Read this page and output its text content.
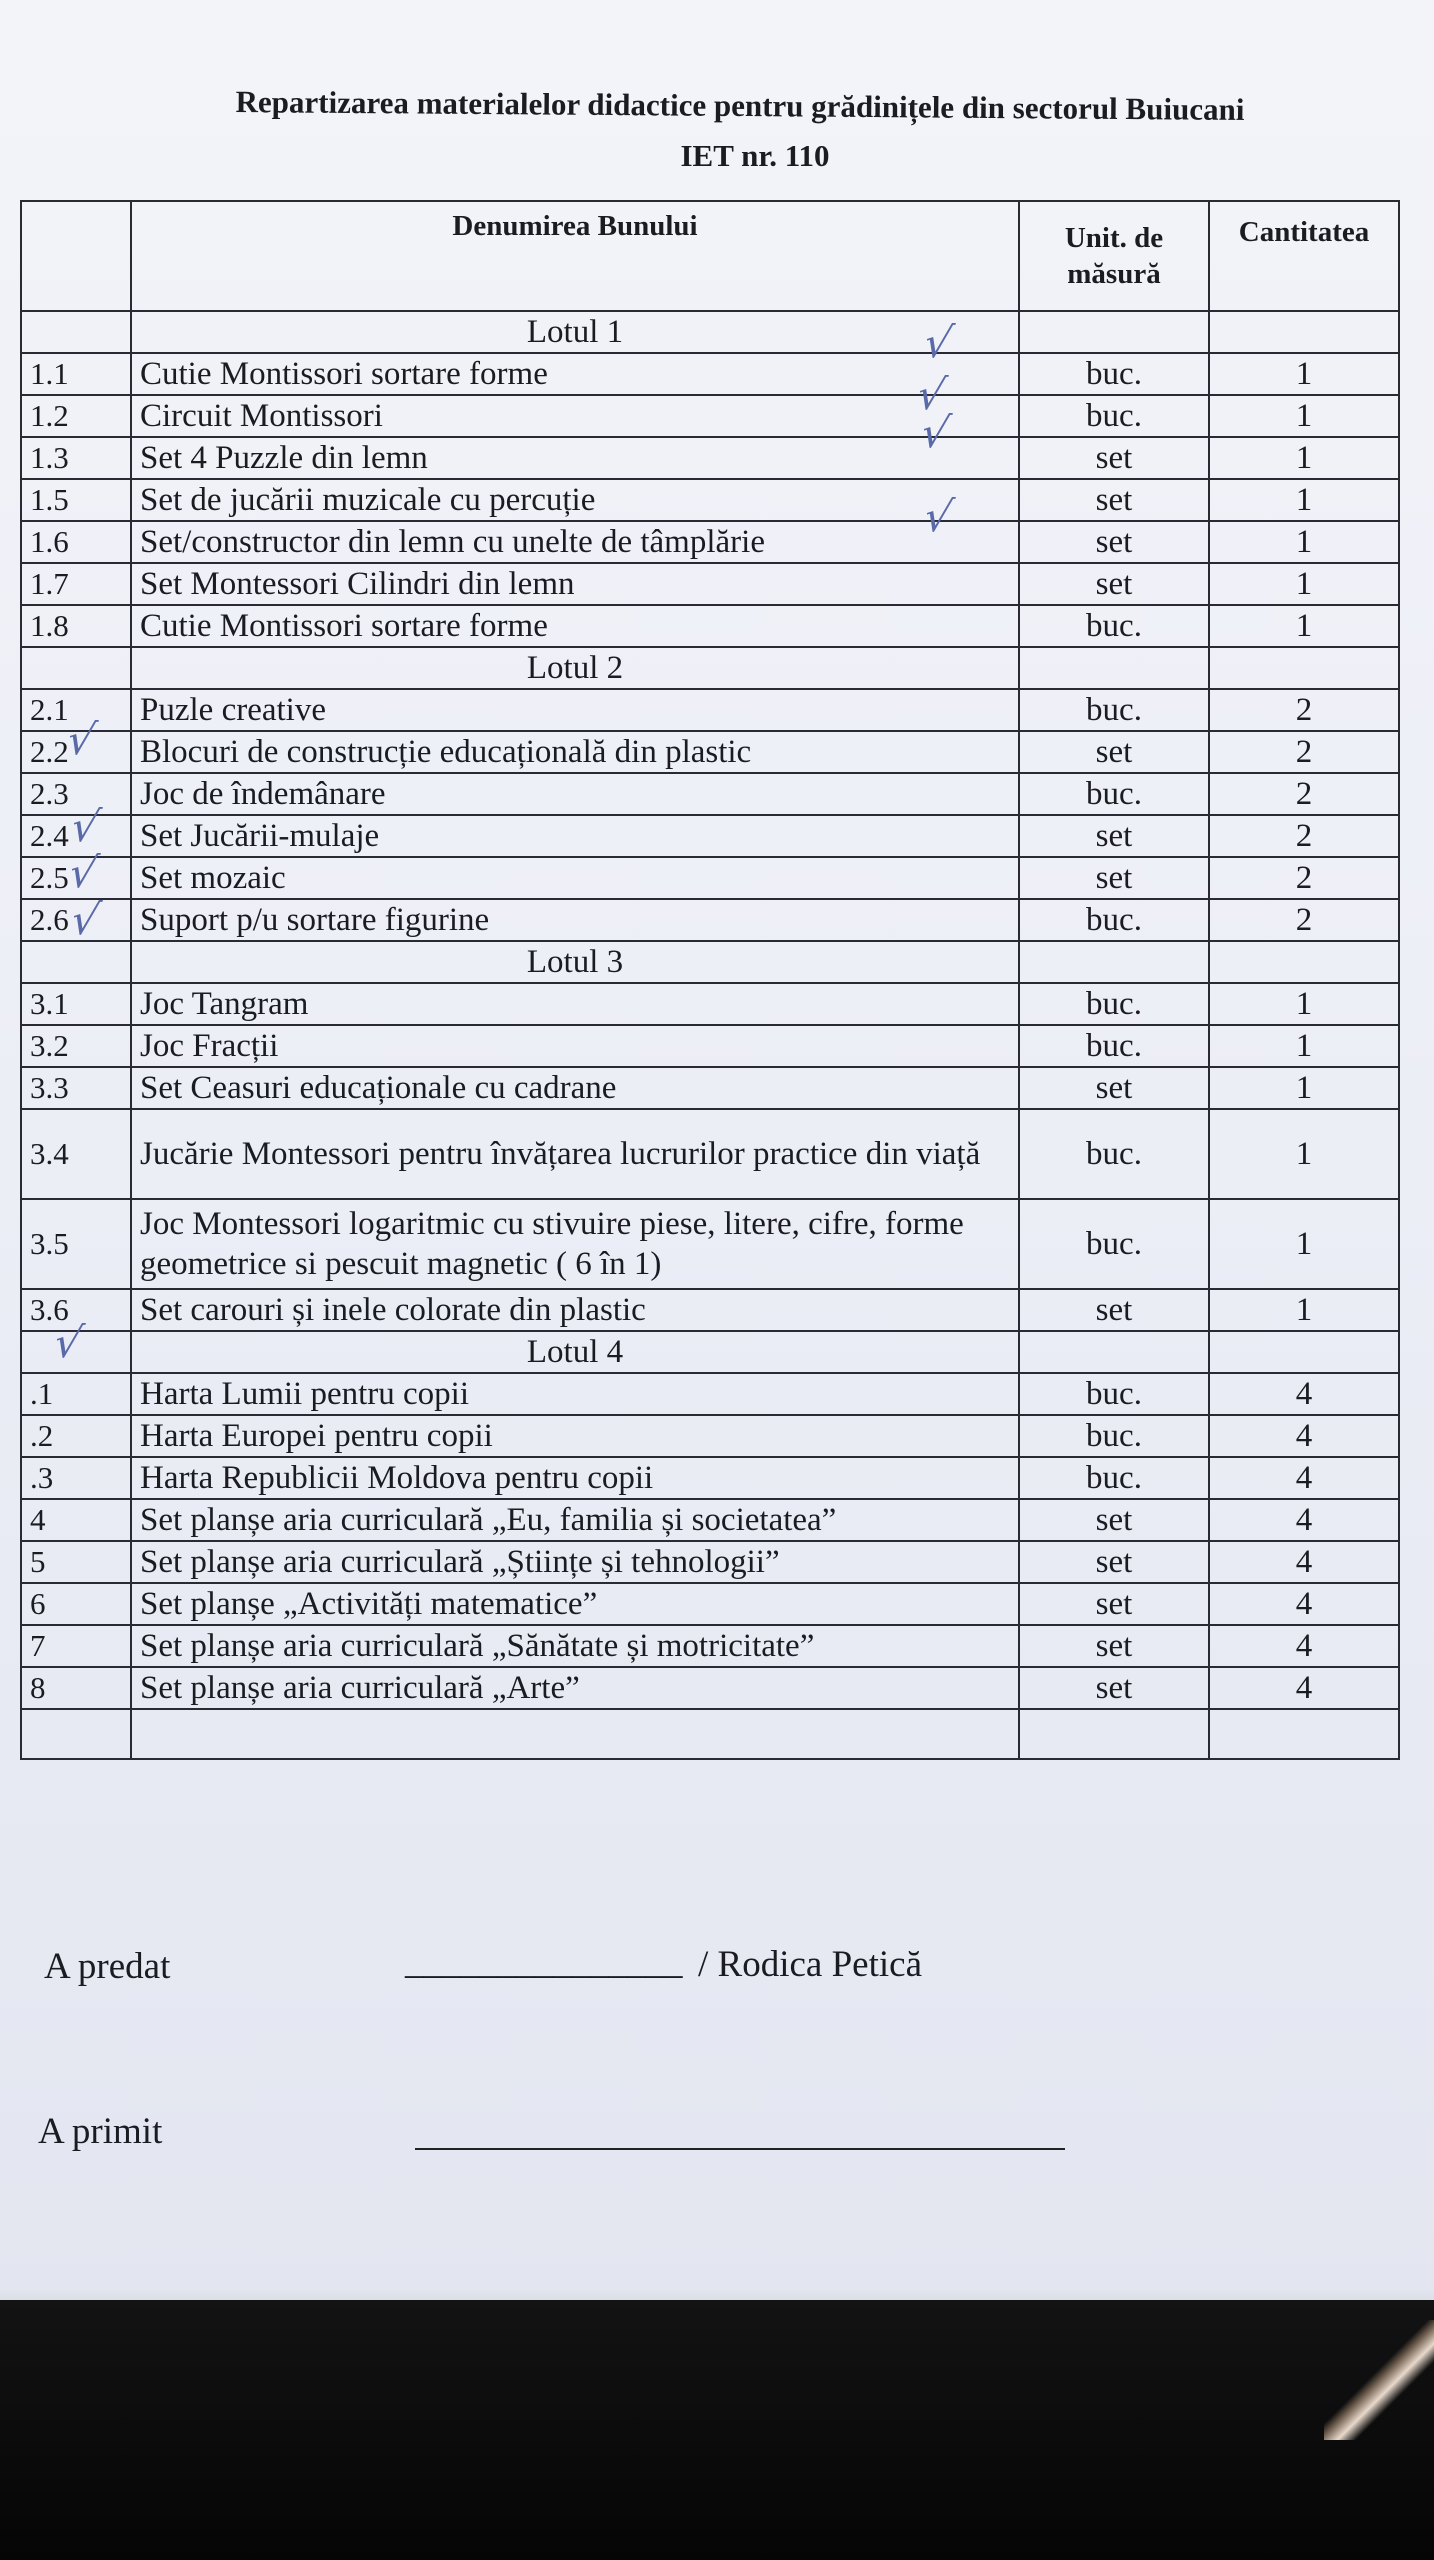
Repartizarea materialelor didactice pentru grădinițele din sectorul Buiucani
IET nr. 110
	Denumirea Bunului	Unit. de măsură	Cantitatea
	Lotul 1		
1.1	Cutie Montissori sortare forme	buc.	1
1.2	Circuit Montissori	buc.	1
1.3	Set 4 Puzzle din lemn	set	1
1.5	Set de jucării muzicale cu percuție	set	1
1.6	Set/constructor din lemn cu unelte de tâmplărie	set	1
1.7	Set Montessori Cilindri din lemn	set	1
1.8	Cutie Montissori sortare forme	buc.	1
	Lotul 2		
2.1	Puzle creative	buc.	2
2.2	Blocuri de construcție educațională din plastic	set	2
2.3	Joc de îndemânare	buc.	2
2.4	Set Jucării-mulaje	set	2
2.5	Set mozaic	set	2
2.6	Suport p/u sortare figurine	buc.	2
	Lotul 3		
3.1	Joc Tangram	buc.	1
3.2	Joc Fracții	buc.	1
3.3	Set Ceasuri educaționale cu cadrane	set	1
3.4	Jucărie Montessori pentru învățarea lucrurilor practice din viață	buc.	1
3.5	Joc Montessori logaritmic cu stivuire piese, litere, cifre, forme geometrice si pescuit magnetic ( 6 în 1)	buc.	1
3.6	Set carouri și inele colorate din plastic	set	1
	Lotul 4		
.1	Harta Lumii pentru copii	buc.	4
.2	Harta Europei pentru copii	buc.	4
.3	Harta Republicii Moldova pentru copii	buc.	4
4	Set planșe aria curriculară „Eu, familia și societatea”	set	4
5	Set planșe aria curriculară „Științe și tehnologii”	set	4
6	Set planșe „Activități matematice”	set	4
7	Set planșe aria curriculară „Sănătate și motricitate”	set	4
8	Set planșe aria curriculară „Arte”	set	4

√
√
√
√
√
√
√
√
√
A predat	_______________ / Rodica Petică
A primit
